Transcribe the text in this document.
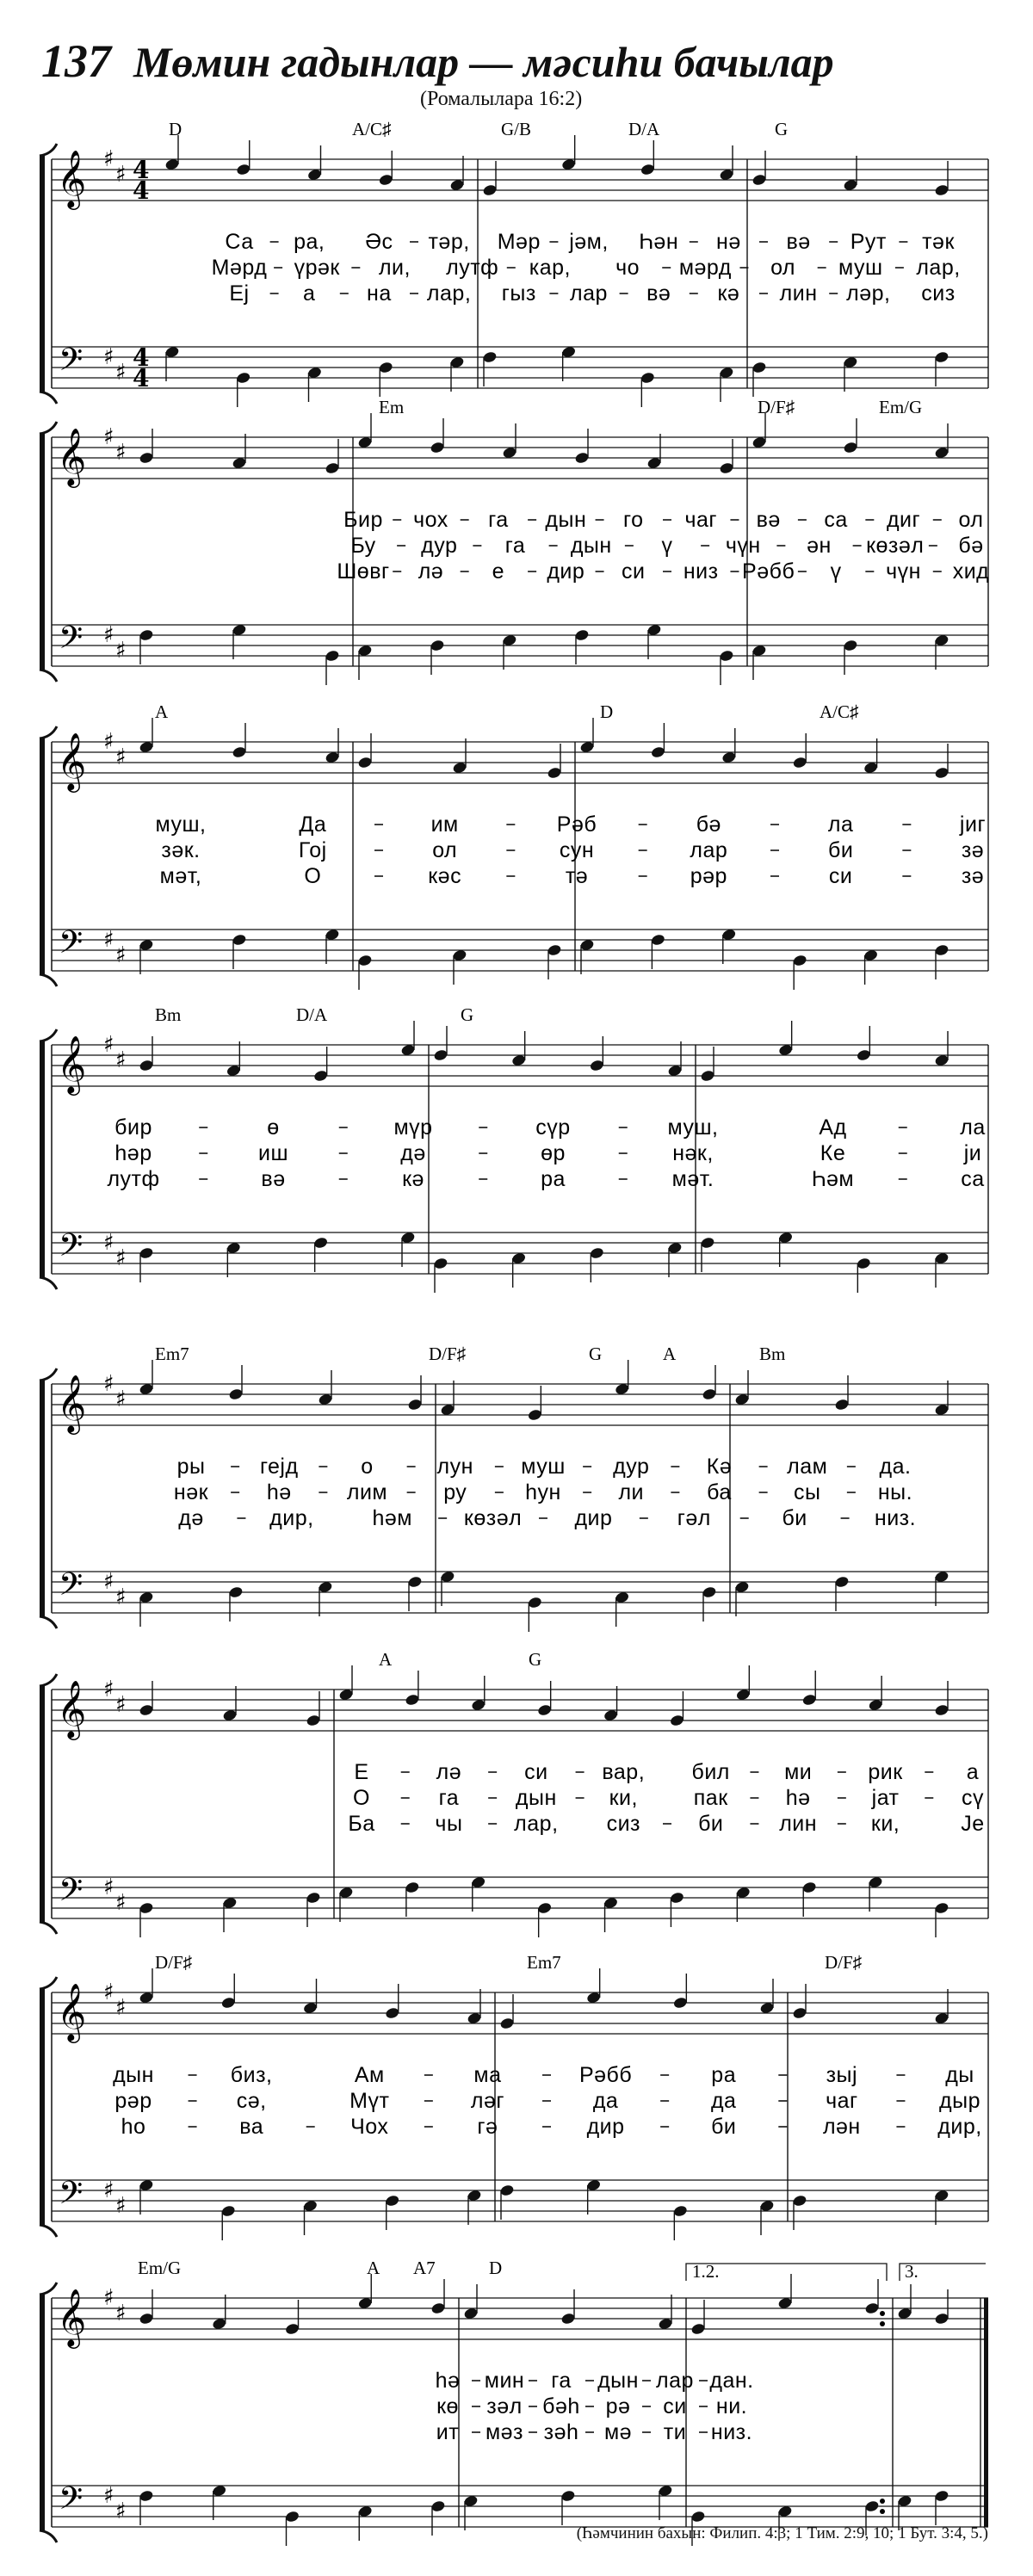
137 Мөмин гадынлар — мәсиһи бачылар
(Ромалылара 16:2)
𝄞
𝄢
♯
♯
♯
♯
4
4
4
4
D	A/C♯	G/B	D/A	G
Са ра, Әс тәр, Мәр јәм, Һән нә вә Рут тәк
Мәрд үрәк ли, лутф кар, чо мәрд ол муш лар,
Еј а на лар, гыз лар вә кә лин ләр, сиз
𝄞
𝄢
♯
♯
♯
♯
Em	D/F♯	Em/G
Бир чох га дын го чаг вә са диг ол
Бу дур га дын ү чүн ән көзәл бә
Шөвг лә е дир си низ Рәбб ү чүн хид
𝄞
𝄢
♯
♯
♯
♯
A	D	A/C♯
муш,	Да	им	Рәб	бә	ла	јиг
зәк.	Гој	ол	сун	лар	би	зә
мәт,	О	кәс	тә	рәр	си	зә
𝄞
𝄢
♯
♯
♯
♯
Bm	D/A	G
бир	ө	мүр	сүр	муш,	Ад	ла
һәр	иш	дә	өр	нәк,	Ке	ји
лутф	вә	кә	ра	мәт.	Һәм	са
𝄞
𝄢
♯
♯
♯
♯
Em7	D/F♯	G	A	Bm
ры	гејд	о	лун муш дур	Кә	лам да.
нәк	һә	лим	ру	һун	ли	ба	сы	ны.
дә	дир,	һәм көзәл дир	гәл	би	низ.
𝄞
𝄢
♯
♯
♯
♯
A	G
Е	лә	си	вар, бил	ми	рик	а
О	га	дын ки,	пак	һә	јат	сү
Ба	чы лар, сиз	би	лин	ки,	Је
𝄞
𝄢
♯
♯
♯
♯
D/F♯	Em7	D/F♯
дын	биз,	Ам	ма	Рәбб	ра	зыј	ды
рәр	сә,	Мүт	ләг	да	да	чаг	дыр
һо	ва	Чох	гә	дир	би	лән	дир,
𝄞
𝄢
♯
♯
♯
♯
1.2.	3.
Em/G	A A7	D
һә мин га дын лар дан.
кө зәл бәһ рә си ни.
ит мәз зәһ мә ти низ.
(Һәмчинин бахын: Филип. 4:3; 1 Тим. 2:9, 10; 1 Бут. 3:4, 5.)
